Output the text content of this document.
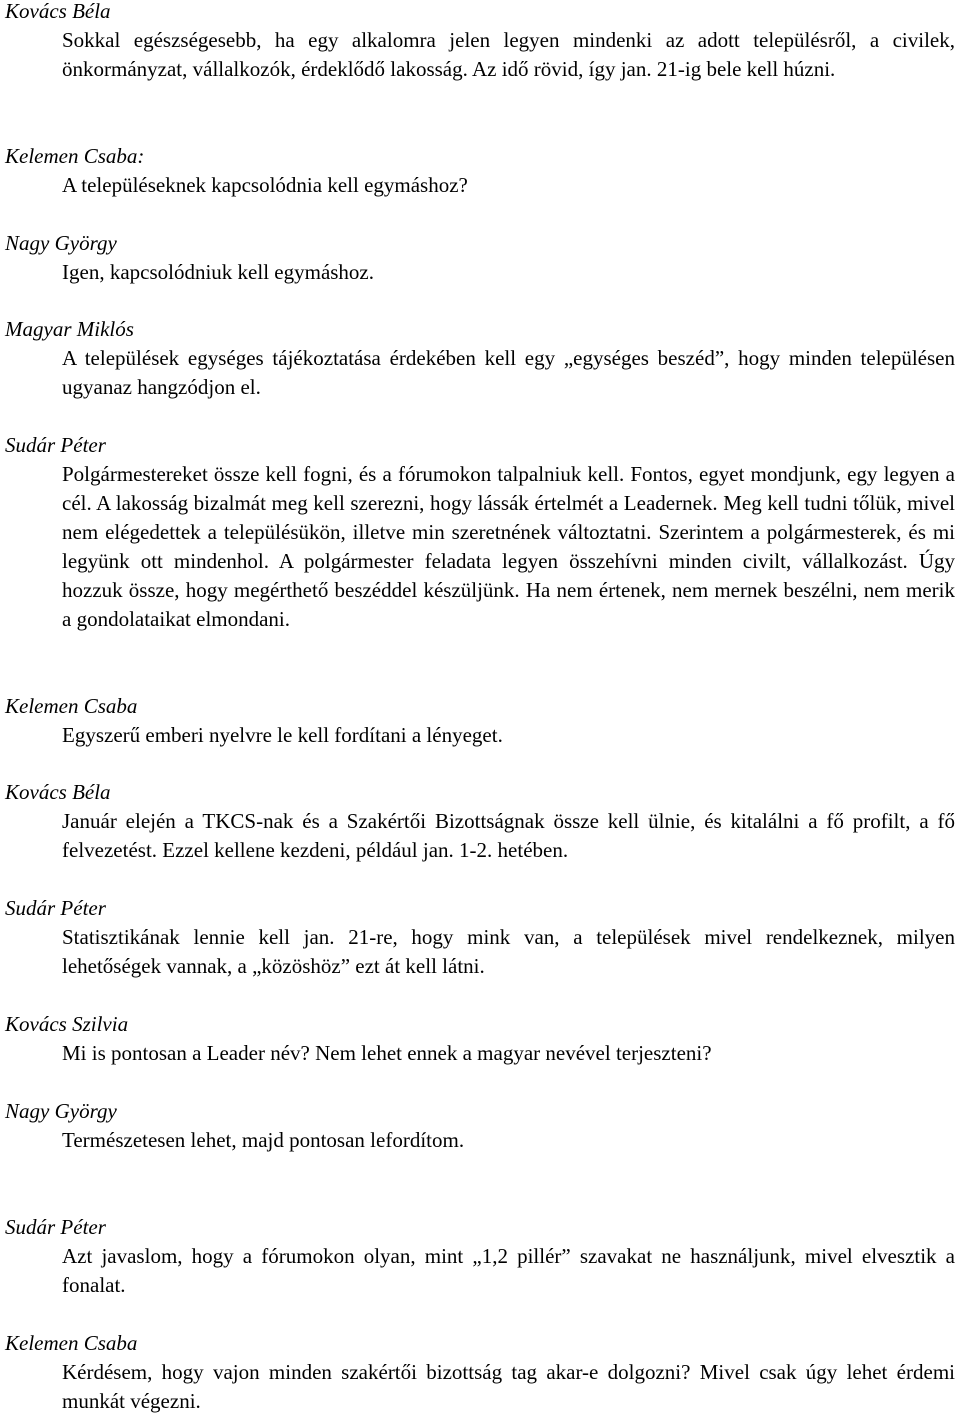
Kovács Béla
Sokkal egészségesebb, ha egy alkalomra jelen legyen mindenki az adott településről, a civilek, önkormányzat, vállalkozók, érdeklődő lakosság. Az idő rövid, így jan. 21-ig bele kell húzni.
Kelemen Csaba:
A településeknek kapcsolódnia kell egymáshoz?
Nagy György
Igen, kapcsolódniuk kell egymáshoz.
Magyar Miklós
A települések egységes tájékoztatása érdekében kell egy „egységes beszéd”, hogy minden településen ugyanaz hangzódjon el.
Sudár Péter
Polgármestereket össze kell fogni, és a fórumokon talpalniuk kell. Fontos, egyet mondjunk, egy legyen a cél. A lakosság bizalmát meg kell szerezni, hogy lássák értelmét a Leadernek. Meg kell tudni tőlük, mivel nem elégedettek a településükön, illetve min szeretnének változtatni. Szerintem a polgármesterek, és mi legyünk ott mindenhol. A polgármester feladata legyen összehívni minden civilt, vállalkozást. Úgy hozzuk össze, hogy megérthető beszéddel készüljünk. Ha nem értenek, nem mernek beszélni, nem merik a gondolataikat elmondani.
Kelemen Csaba
Egyszerű emberi nyelvre le kell fordítani a lényeget.
Kovács Béla
Január elején a TKCS-nak és a Szakértői Bizottságnak össze kell ülnie, és kitalálni a fő profilt, a fő felvezetést. Ezzel kellene kezdeni, például jan. 1-2. hetében.
Sudár Péter
Statisztikának lennie kell jan. 21-re, hogy mink van, a települések mivel rendelkeznek, milyen lehetőségek vannak, a „közöshöz” ezt át kell látni.
Kovács Szilvia
Mi is pontosan a Leader név? Nem lehet ennek a magyar nevével terjeszteni?
Nagy György
Természetesen lehet, majd pontosan lefordítom.
Sudár Péter
Azt javaslom, hogy a fórumokon olyan, mint „1,2 pillér” szavakat ne használjunk, mivel elvesztik a fonalat.
Kelemen Csaba
Kérdésem, hogy vajon minden szakértői bizottság tag akar-e dolgozni? Mivel csak úgy lehet érdemi munkát végezni.
